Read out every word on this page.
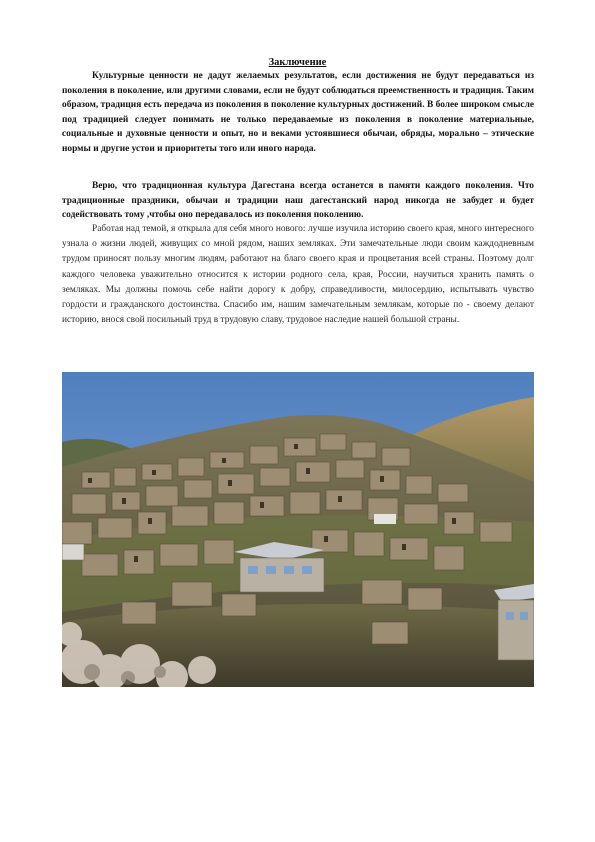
Заключение

Культурные ценности не дадут желаемых результатов, если достижения не будут передаваться из поколения в поколение, или другими словами, если не будут соблюдаться преемственность и традиция. Таким образом, традиция есть передача из поколения в поколение культурных достижений. В более широком смысле под традицией следует понимать не только передаваемые из поколения в поколение материальные, социальные и духовные ценности и опыт, но и веками устоявшиеся обычаи, обряды, морально – этические нормы и другие устои и приоритеты того или иного народа.

Верю, что традиционная культура Дагестана всегда останется в памяти каждого поколения. Что традиционные праздники, обычаи и традиции наш дагестанский народ никогда не забудет и будет содействовать тому ,чтобы оно передавалось из поколения поколению.

Работая над темой, я открыла для себя много нового: лучше изучила историю своего края, много интересного узнала о жизни людей, живущих со мной рядом, наших земляках. Эти замечательные люди своим каждодневным трудом приносят пользу многим людям, работают на благо своего края и процветания всей страны. Поэтому долг каждого человека уважительно относится к истории родного села, края, России, научиться хранить память о земляках. Мы должны помочь себе найти дорогу к добру, справедливости, милосердию, испытывать чувство гордости и гражданского достоинства. Спасибо им, нашим замечательным землякам, которые по - своему делают историю, внося свой посильный труд в трудовую славу, трудовое наследие нашей большой страны.
